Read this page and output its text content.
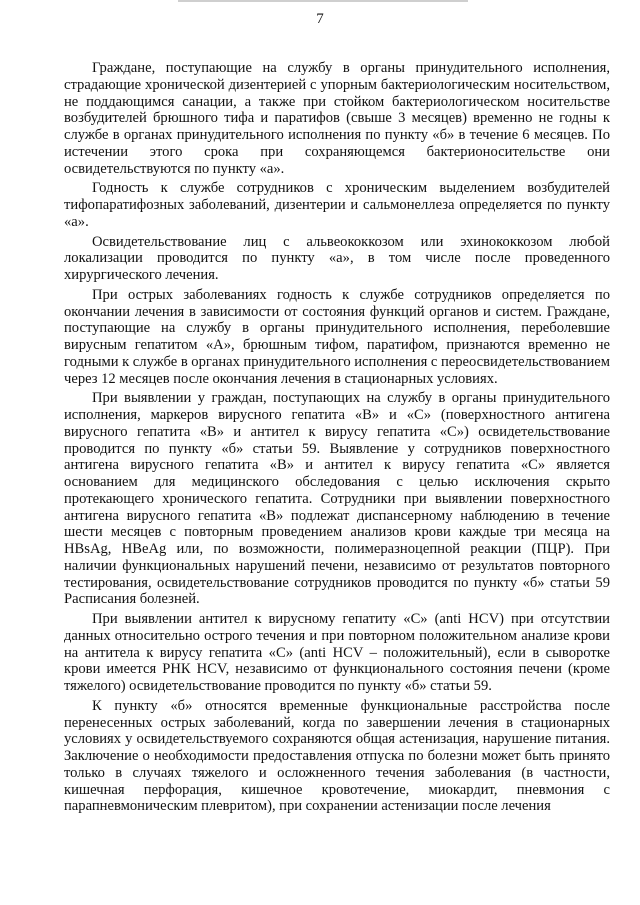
7

Граждане, поступающие на службу в органы принудительного исполнения, страдающие хронической дизентерией с упорным бактериологическим носительством, не поддающимся санации, а также при стойком бактериологическом носительстве возбудителей брюшного тифа и паратифов (свыше 3 месяцев) временно не годны к службе в органах принудительного исполнения по пункту «б» в течение 6 месяцев. По истечении этого срока при сохраняющемся бактерионосительстве они освидетельствуются по пункту «а».

Годность к службе сотрудников с хроническим выделением возбудителей тифопаратифозных заболеваний, дизентерии и сальмонеллеза определяется по пункту «а».

Освидетельствование лиц с альвеококкозом или эхинококкозом любой локализации проводится по пункту «а», в том числе после проведенного хирургического лечения.

При острых заболеваниях годность к службе сотрудников определяется по окончании лечения в зависимости от состояния функций органов и систем. Граждане, поступающие на службу в органы принудительного исполнения, переболевшие вирусным гепатитом «А», брюшным тифом, паратифом, признаются временно не годными к службе в органах принудительного исполнения с переосвидетельствованием через 12 месяцев после окончания лечения в стационарных условиях.

При выявлении у граждан, поступающих на службу в органы принудительного исполнения, маркеров вирусного гепатита «В» и «С» (поверхностного антигена вирусного гепатита «В» и антител к вирусу гепатита «С») освидетельствование проводится по пункту «б» статьи 59. Выявление у сотрудников поверхностного антигена вирусного гепатита «В» и антител к вирусу гепатита «С» является основанием для медицинского обследования с целью исключения скрыто протекающего хронического гепатита. Сотрудники при выявлении поверхностного антигена вирусного гепатита «В» подлежат диспансерному наблюдению в течение шести месяцев с повторным проведением анализов крови каждые три месяца на HBsAg, HBeAg или, по возможности, полимеразноцепной реакции (ПЦР). При наличии функциональных нарушений печени, независимо от результатов повторного тестирования, освидетельствование сотрудников проводится по пункту «б» статьи 59 Расписания болезней.

При выявлении антител к вирусному гепатиту «С» (anti HCV) при отсутствии данных относительно острого течения и при повторном положительном анализе крови на антитела к вирусу гепатита «С» (anti HCV – положительный), если в сыворотке крови имеется РНК HCV, независимо от функционального состояния печени (кроме тяжелого) освидетельствование проводится по пункту «б» статьи 59.

К пункту «б» относятся временные функциональные расстройства после перенесенных острых заболеваний, когда по завершении лечения в стационарных условиях у освидетельствуемого сохраняются общая астенизация, нарушение питания. Заключение о необходимости предоставления отпуска по болезни может быть принято только в случаях тяжелого и осложненного течения заболевания (в частности, кишечная перфорация, кишечное кровотечение, миокардит, пневмония с парапневмоническим плевритом), при сохранении астенизации после лечения
